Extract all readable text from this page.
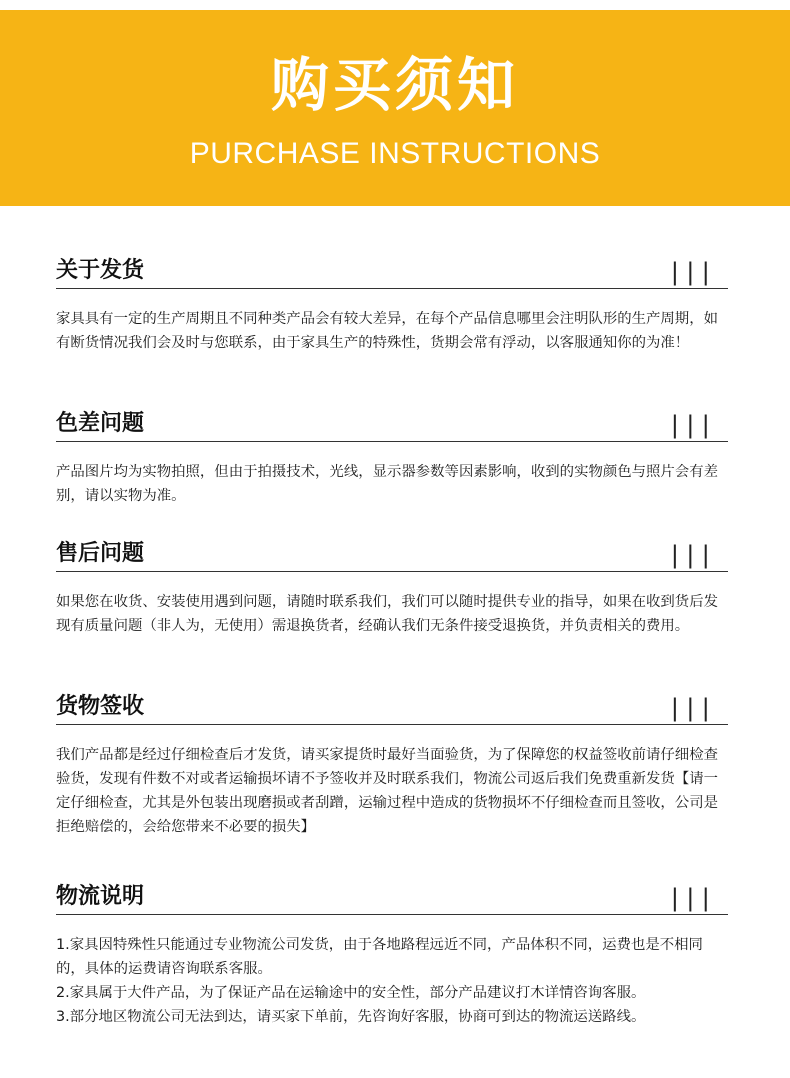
购买须知
PURCHASE INSTRUCTIONS
关于发货	|||

家具具有一定的生产周期且不同种类产品会有较大差异，在每个产品信息哪里会注明队形的生产周期，如有断货情况我们会及时与您联系，由于家具生产的特殊性，货期会常有浮动，以客服通知你的为准！

色差问题	|||

产品图片均为实物拍照，但由于拍摄技术，光线，显示器参数等因素影响，收到的实物颜色与照片会有差别，请以实物为准。

售后问题	|||

如果您在收货、安装使用遇到问题，请随时联系我们，我们可以随时提供专业的指导，如果在收到货后发现有质量问题（非人为，无使用）需退换货者，经确认我们无条件接受退换货，并负责相关的费用。

货物签收	|||

我们产品都是经过仔细检查后才发货，请买家提货时最好当面验货，为了保障您的权益签收前请仔细检查验货，发现有件数不对或者运输损坏请不予签收并及时联系我们，物流公司返后我们免费重新发货【请一定仔细检查，尤其是外包装出现磨损或者刮蹭，运输过程中造成的货物损坏不仔细检查而且签收，公司是拒绝赔偿的，会给您带来不必要的损失】

物流说明	|||

1.家具因特殊性只能通过专业物流公司发货，由于各地路程远近不同，产品体积不同，运费也是不相同的，具体的运费请咨询联系客服。

2.家具属于大件产品，为了保证产品在运输途中的安全性，部分产品建议打木详情咨询客服。

3.部分地区物流公司无法到达，请买家下单前，先咨询好客服，协商可到达的物流运送路线。
